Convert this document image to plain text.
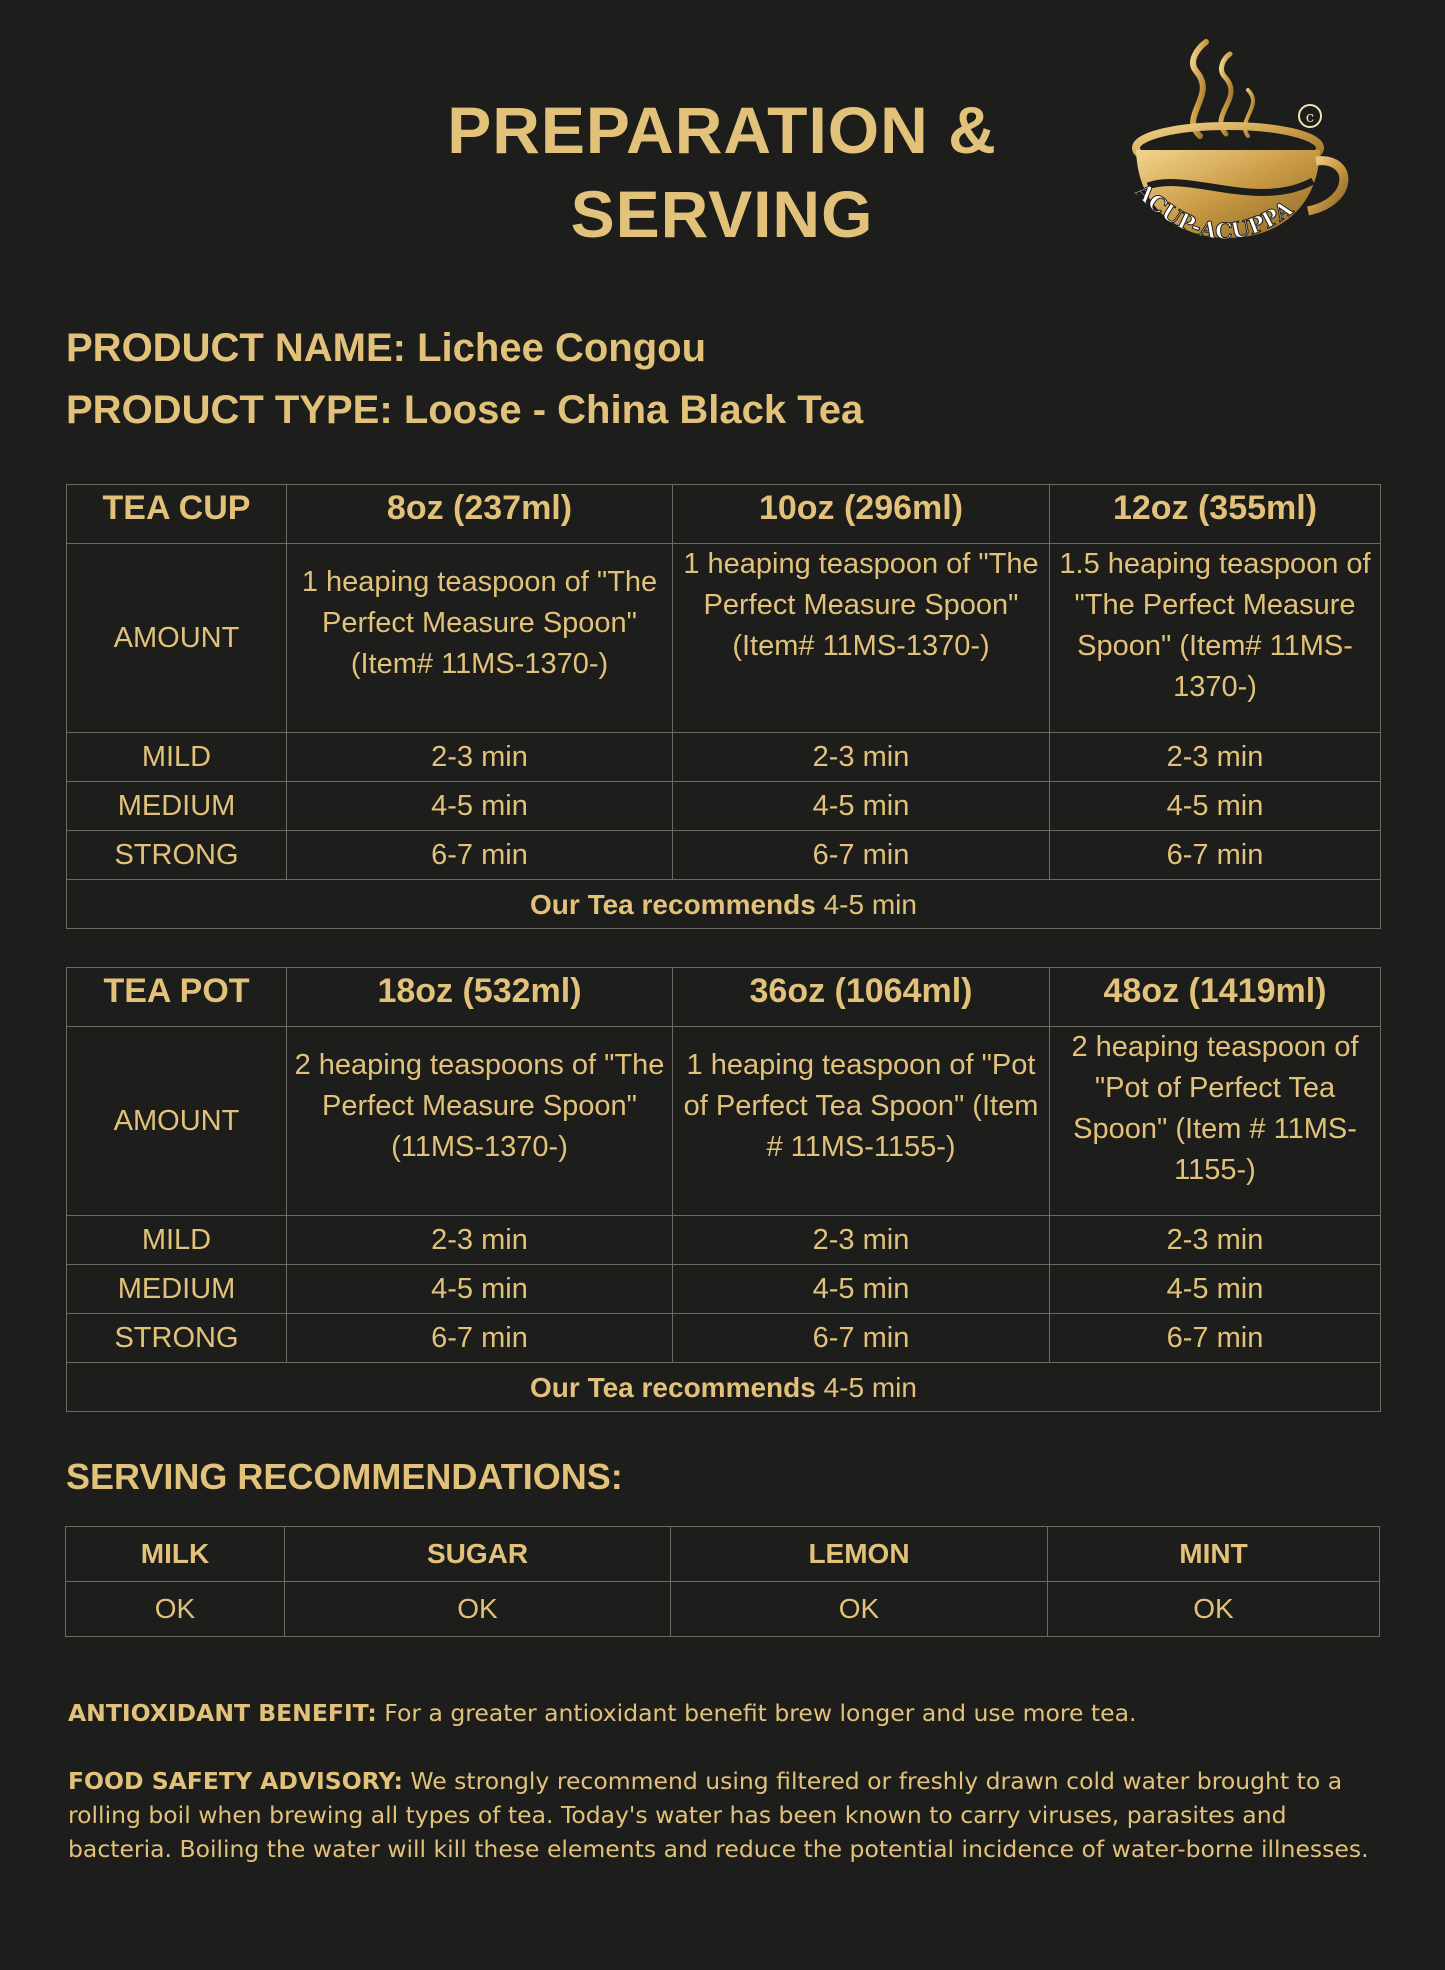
PREPARATION &
SERVING
c
ACUP-ACUPPA
PRODUCT NAME: Lichee Congou
PRODUCT TYPE: Loose - China Black Tea
TEA CUP	8oz (237ml)	10oz (296ml)	12oz (355ml)
AMOUNT	1 heaping teaspoon of "The Perfect Measure Spoon" (Item# 11MS-1370-)	1 heaping teaspoon of "The Perfect Measure Spoon" (Item# 11MS-1370-)	1.5 heaping teaspoon of "The Perfect Measure Spoon" (Item# 11MS-1370-)
MILD	2-3 min	2-3 min	2-3 min
MEDIUM	4-5 min	4-5 min	4-5 min
STRONG	6-7 min	6-7 min	6-7 min
Our Tea recommends 4-5 min			
TEA POT	18oz (532ml)	36oz (1064ml)	48oz (1419ml)
AMOUNT	2 heaping teaspoons of "The Perfect Measure Spoon" (11MS-1370-)	1 heaping teaspoon of "Pot of Perfect Tea Spoon" (Item # 11MS-1155-)	2 heaping teaspoon of "Pot of Perfect Tea Spoon" (Item # 11MS-1155-)
MILD	2-3 min	2-3 min	2-3 min
MEDIUM	4-5 min	4-5 min	4-5 min
STRONG	6-7 min	6-7 min	6-7 min
Our Tea recommends 4-5 min			
SERVING RECOMMENDATIONS:
MILK	SUGAR	LEMON	MINT
OK	OK	OK	OK
ANTIOXIDANT BENEFIT: For a greater antioxidant benefit brew longer and use more tea.
FOOD SAFETY ADVISORY: We strongly recommend using filtered or freshly drawn cold water brought to a rolling boil when brewing all types of tea. Today's water has been known to carry viruses, parasites and bacteria. Boiling the water will kill these elements and reduce the potential incidence of water-borne illnesses.
